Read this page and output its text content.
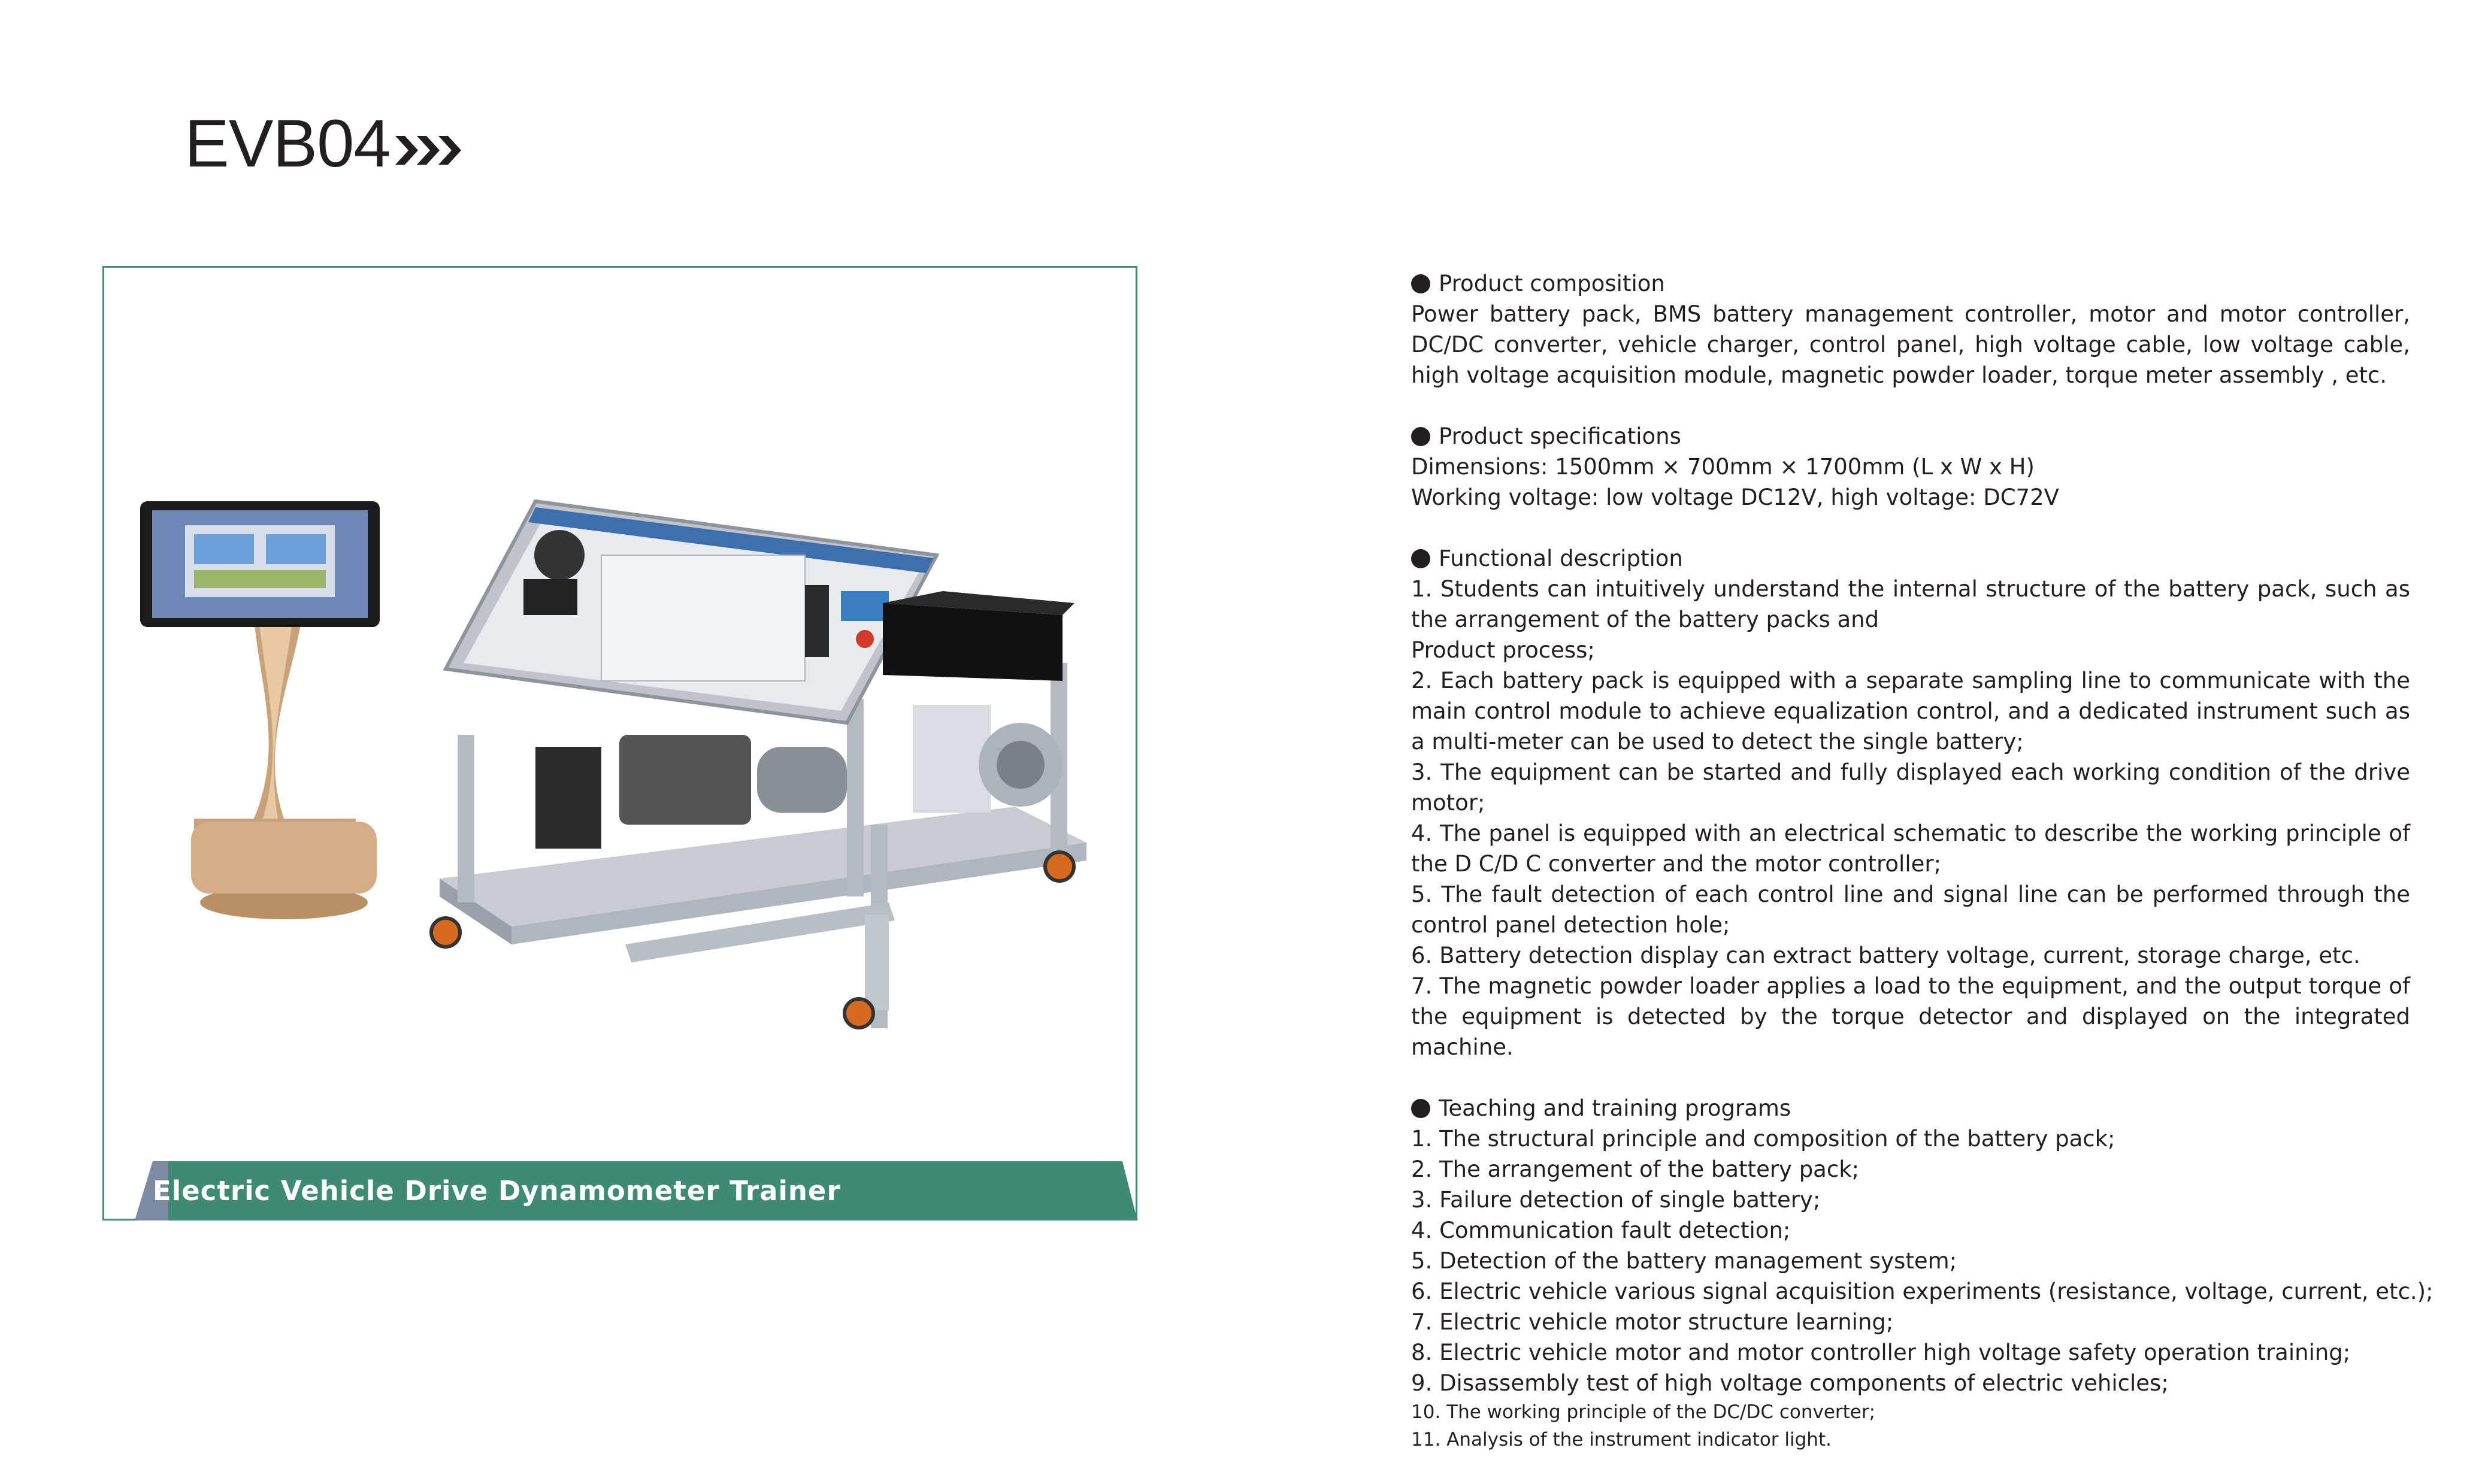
EVB04
Electric Vehicle Drive Dynamometer Trainer
Product composition
Power battery pack, BMS battery management controller, motor and motor controller, DC/DC converter, vehicle charger, control panel, high voltage cable, low voltage cable, high voltage acquisition module, magnetic powder loader, torque meter assembly , etc.
Product specifications
Dimensions: 1500mm × 700mm × 1700mm (L x W x H)
Working voltage: low voltage DC12V, high voltage: DC72V
Functional description
1. Students can intuitively understand the internal structure of the battery pack, such as the arrangement of the battery packs and
Product process;
2. Each battery pack is equipped with a separate sampling line to communicate with the main control module to achieve equalization control, and a dedicated instrument such as a multi-meter can be used to detect the single battery;
3. The equipment can be started and fully displayed each working condition of the drive motor;
4. The panel is equipped with an electrical schematic to describe the working principle of the D C/D C converter and the motor controller;
5. The fault detection of each control line and signal line can be performed through the control panel detection hole;
6. Battery detection display can extract battery voltage, current, storage charge, etc.
7. The magnetic powder loader applies a load to the equipment, and the output torque of the equipment is detected by the torque detector and displayed on the integrated machine.
Teaching and training programs
1. The structural principle and composition of the battery pack;
2. The arrangement of the battery pack;
3. Failure detection of single battery;
4. Communication fault detection;
5. Detection of the battery management system;
6. Electric vehicle various signal acquisition experiments (resistance, voltage, current, etc.);
7. Electric vehicle motor structure learning;
8. Electric vehicle motor and motor controller high voltage safety operation training;
9. Disassembly test of high voltage components of electric vehicles;
10. The working principle of the DC/DC converter;
11. Analysis of the instrument indicator light.
